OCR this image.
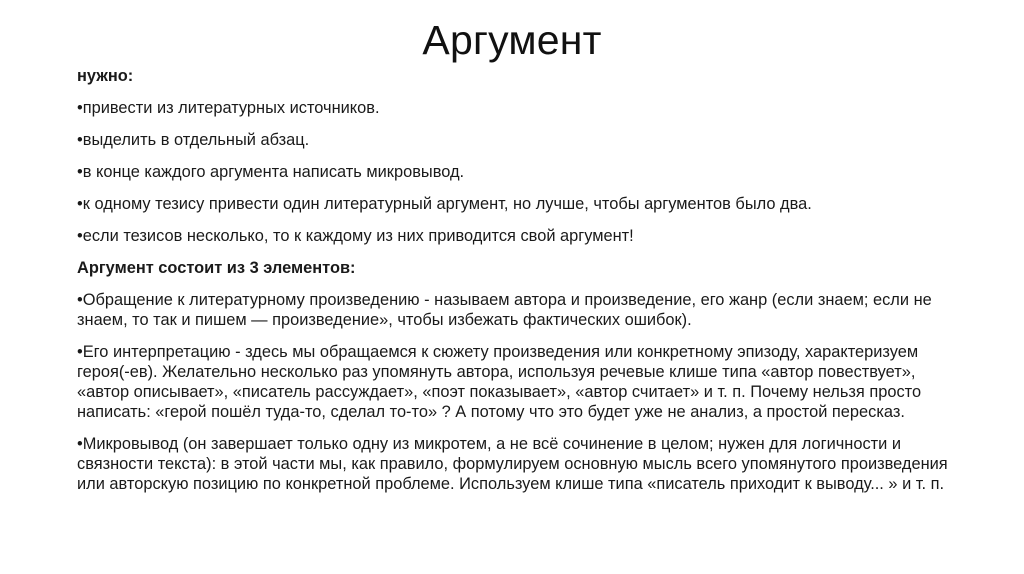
Аргумент

нужно:

• привести из литературных источников.

• выделить в отдельный абзац.

• в конце каждого аргумента написать микровывод.

• к одному тезису привести один литературный аргумент, но лучше, чтобы аргументов было два.

• если тезисов несколько, то к каждому из них приводится свой аргумент!

Аргумент состоит из 3 элементов:

• Обращение к литературному произведению - называем автора и произведение, его жанр (если знаем; если не знаем, то так и пишем — произведение», чтобы избежать фактических ошибок).

• Его интерпретацию - здесь мы обращаемся к сюжету произведения или конкретному эпизоду, характеризуем героя(-ев). Желательно несколько раз упомянуть автора, используя речевые клише типа «автор повествует», «автор описывает», «писатель рассуждает», «поэт показывает», «автор считает» и т. п. Почему нельзя просто написать: «герой пошёл туда-то, сделал то-то» ? А потому что это будет уже не анализ, а простой пересказ.

• Микровывод (он завершает только одну из микротем, а не всё сочинение в целом; нужен для логичности и связности текста): в этой части мы, как правило, формулируем основную мысль всего упомянутого произведения или авторскую позицию по конкретной проблеме. Используем клише типа «писатель приходит к выводу... » и т. п.
